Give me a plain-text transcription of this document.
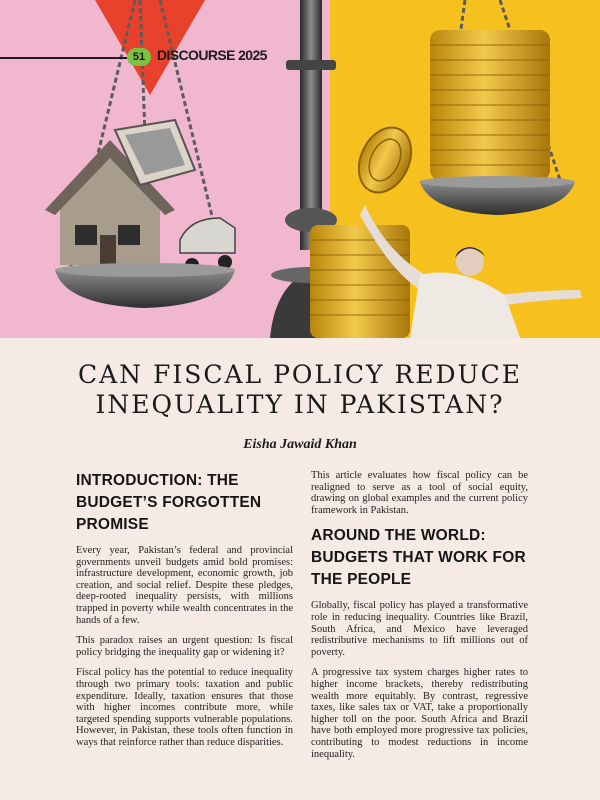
51 DISCOURSE 2025
CAN FISCAL POLICY REDUCE INEQUALITY IN PAKISTAN?
Eisha Jawaid Khan
INTRODUCTION: THE BUDGET’S FORGOTTEN PROMISE

Every year, Pakistan’s federal and provincial governments unveil budgets amid bold promises: infrastructure development, economic growth, job creation, and social relief. Despite these pledges, deep-rooted inequality persists, with millions trapped in poverty while wealth concentrates in the hands of a few.

This paradox raises an urgent question: Is fiscal policy bridging the inequality gap or widening it?

Fiscal policy has the potential to reduce inequality through two primary tools: taxation and public expenditure. Ideally, taxation ensures that those with higher incomes contribute more, while targeted spending supports vulnerable populations. However, in Pakistan, these tools often function in ways that reinforce rather than reduce disparities.

This article evaluates how fiscal policy can be realigned to serve as a tool of social equity, drawing on global examples and the current policy framework in Pakistan.

AROUND THE WORLD: BUDGETS THAT WORK FOR THE PEOPLE

Globally, fiscal policy has played a transformative role in reducing inequality. Countries like Brazil, South Africa, and Mexico have leveraged redistributive mechanisms to lift millions out of poverty.

A progressive tax system charges higher rates to higher income brackets, thereby redistributing wealth more equitably. By contrast, regressive taxes, like sales tax or VAT, take a proportionally higher toll on the poor. South Africa and Brazil have both employed more progressive tax policies, contributing to modest reductions in income inequality.
